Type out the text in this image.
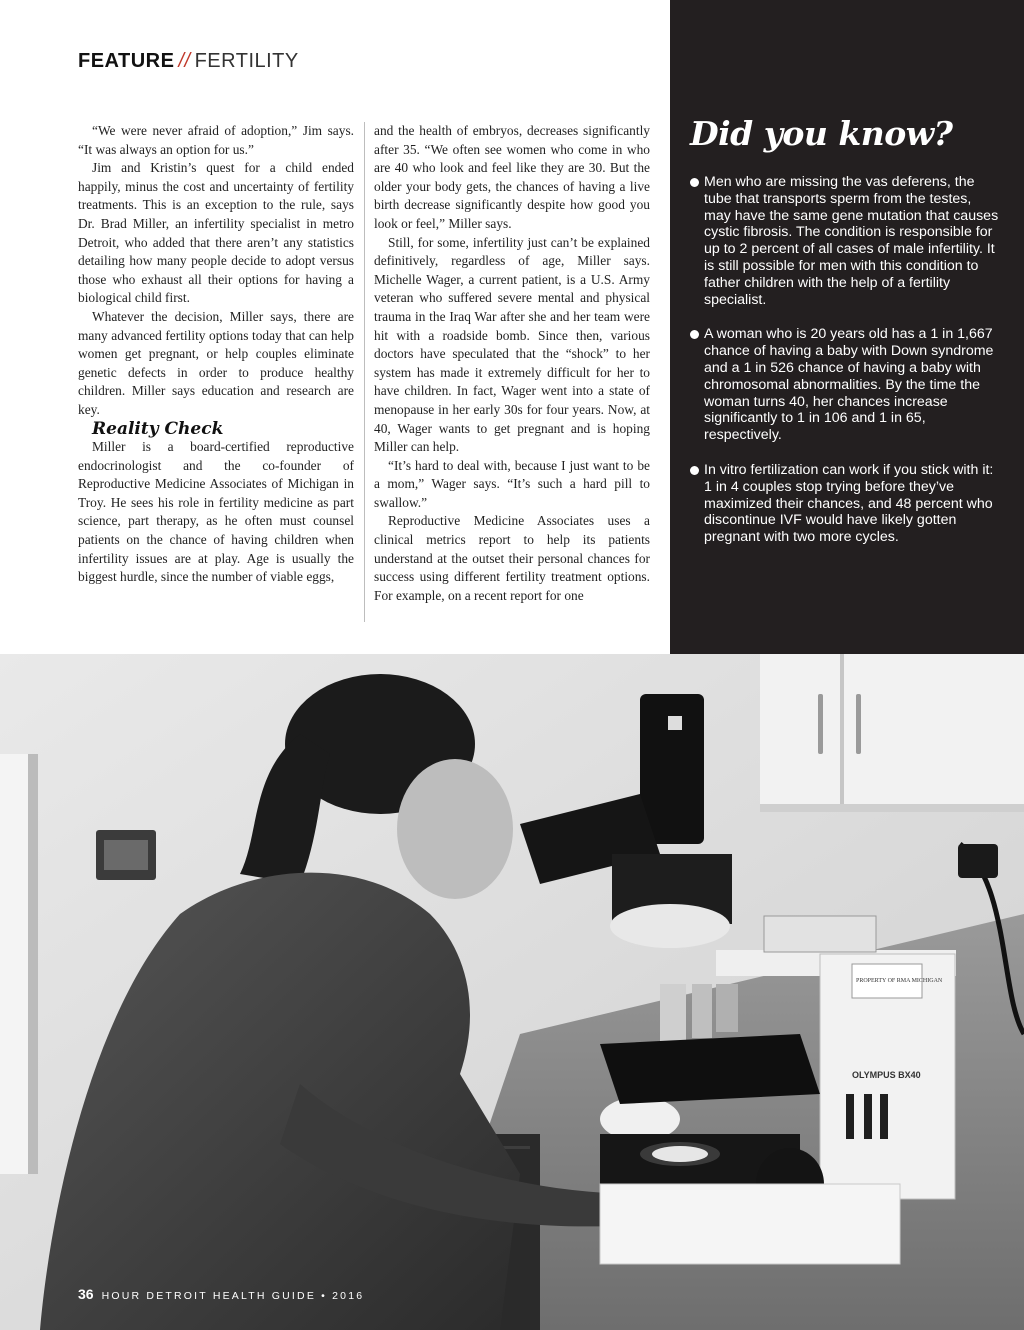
FEATURE // FERTILITY

“We were never afraid of adoption,” Jim says. “It was always an option for us.”

Jim and Kristin’s quest for a child ended happily, minus the cost and uncertainty of fertility treatments. This is an exception to the rule, says Dr. Brad Miller, an infertility specialist in metro Detroit, who added that there aren’t any statistics detailing how many people decide to adopt versus those who exhaust all their options for having a biological child first.

Whatever the decision, Miller says, there are many advanced fertility options today that can help women get pregnant, or help couples eliminate genetic defects in order to produce healthy children. Miller says education and research are key.

Reality Check

Miller is a board-certified reproductive endocrinologist and the co-founder of Reproductive Medicine Associates of Michigan in Troy. He sees his role in fertility medicine as part science, part therapy, as he often must counsel patients on the chance of having children when infertility issues are at play. Age is usually the biggest hurdle, since the number of viable eggs,

and the health of embryos, decreases significantly after 35. “We often see women who come in who are 40 who look and feel like they are 30. But the older your body gets, the chances of having a live birth decrease significantly despite how good you look or feel,” Miller says.

Still, for some, infertility just can’t be explained definitively, regardless of age, Miller says. Michelle Wager, a current patient, is a U.S. Army veteran who suffered severe mental and physical trauma in the Iraq War after she and her team were hit with a roadside bomb. Since then, various doctors have speculated that the “shock” to her system has made it extremely difficult for her to have children. In fact, Wager went into a state of menopause in her early 30s for four years. Now, at 40, Wager wants to get pregnant and is hoping Miller can help.

“It’s hard to deal with, because I just want to be a mom,” Wager says. “It’s such a hard pill to swallow.”

Reproductive Medicine Associates uses a clinical metrics report to help its patients understand at the outset their personal chances for success using different fertility treatment options. For example, on a recent report for one

Did you know?
Men who are missing the vas deferens, the tube that transports sperm from the testes, may have the same gene mutation that causes cystic fibrosis. The condition is responsible for up to 2 percent of all cases of male infertility. It is still possible for men with this condition to father children with the help of a fertility specialist.
A woman who is 20 years old has a 1 in 1,667 chance of having a baby with Down syndrome and a 1 in 526 chance of having a baby with chromosomal abnormalities. By the time the woman turns 40, her chances increase significantly to 1 in 106 and 1 in 65, respectively.
In vitro fertilization can work if you stick with it: 1 in 4 couples stop trying before they’ve maximized their chances, and 48 percent who discontinue IVF would have likely gotten pregnant with two more cycles.
OLYMPUS BX40
PROPERTY OF RMA MICHIGAN
36 HOUR DETROIT HEALTH GUIDE • 2016
